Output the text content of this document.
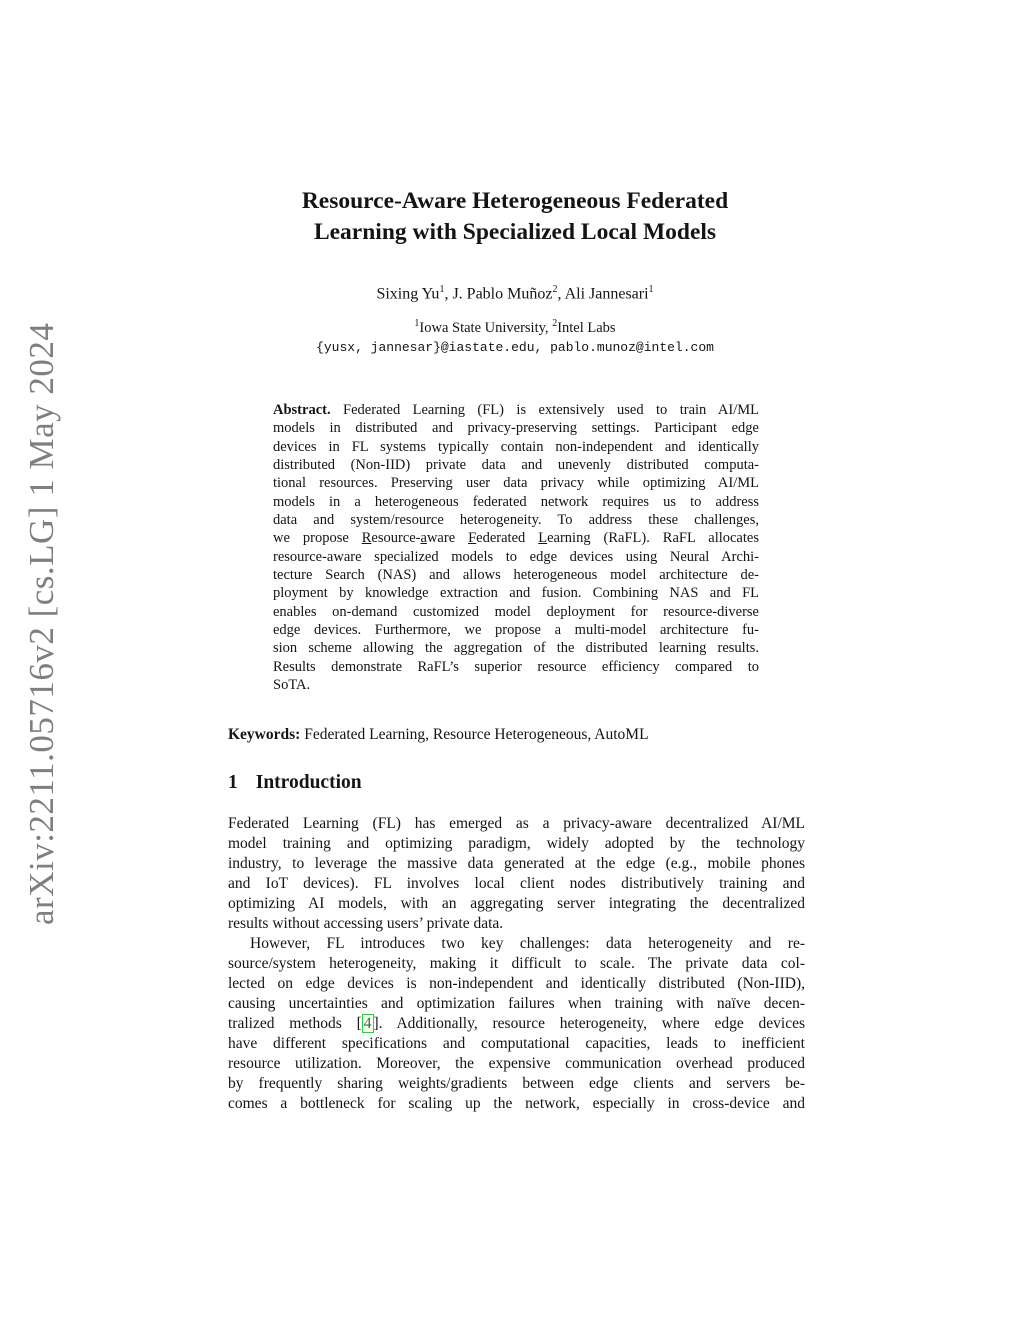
arXiv:2211.05716v2 [cs.LG] 1 May 2024
Resource-Aware Heterogeneous Federated
Learning with Specialized Local Models
Sixing Yu$^1$, J. Pablo Muñoz$^2$, Ali Jannesari$^1$
$^1$Iowa State University, $^2$Intel Labs
{yusx, jannesar}@iastate.edu, pablo.munoz@intel.com
Abstract. Federated Learning (FL) is extensively used to train AI/ML
models in distributed and privacy-preserving settings. Participant edge
devices in FL systems typically contain non-independent and identically
distributed (Non-IID) private data and unevenly distributed computa-
tional resources. Preserving user data privacy while optimizing AI/ML
models in a heterogeneous federated network requires us to address
data and system/resource heterogeneity. To address these challenges,
we propose Resource-aware Federated Learning (RaFL). RaFL allocates
resource-aware specialized models to edge devices using Neural Archi-
tecture Search (NAS) and allows heterogeneous model architecture de-
ployment by knowledge extraction and fusion. Combining NAS and FL
enables on-demand customized model deployment for resource-diverse
edge devices. Furthermore, we propose a multi-model architecture fu-
sion scheme allowing the aggregation of the distributed learning results.
Results demonstrate RaFL’s superior resource efficiency compared to
SoTA.
Keywords: Federated Learning, Resource Heterogeneous, AutoML
1 Introduction
Federated Learning (FL) has emerged as a privacy-aware decentralized AI/ML
model training and optimizing paradigm, widely adopted by the technology
industry, to leverage the massive data generated at the edge (e.g., mobile phones
and IoT devices). FL involves local client nodes distributively training and
optimizing AI models, with an aggregating server integrating the decentralized
results without accessing users’ private data.
However, FL introduces two key challenges: data heterogeneity and re-
source/system heterogeneity, making it difficult to scale. The private data col-
lected on edge devices is non-independent and identically distributed (Non-IID),
causing uncertainties and optimization failures when training with naïve decen-
tralized methods [ 4 ]. Additionally, resource heterogeneity, where edge devices
have different specifications and computational capacities, leads to inefficient
resource utilization. Moreover, the expensive communication overhead produced
by frequently sharing weights/gradients between edge clients and servers be-
comes a bottleneck for scaling up the network, especially in cross-device and
